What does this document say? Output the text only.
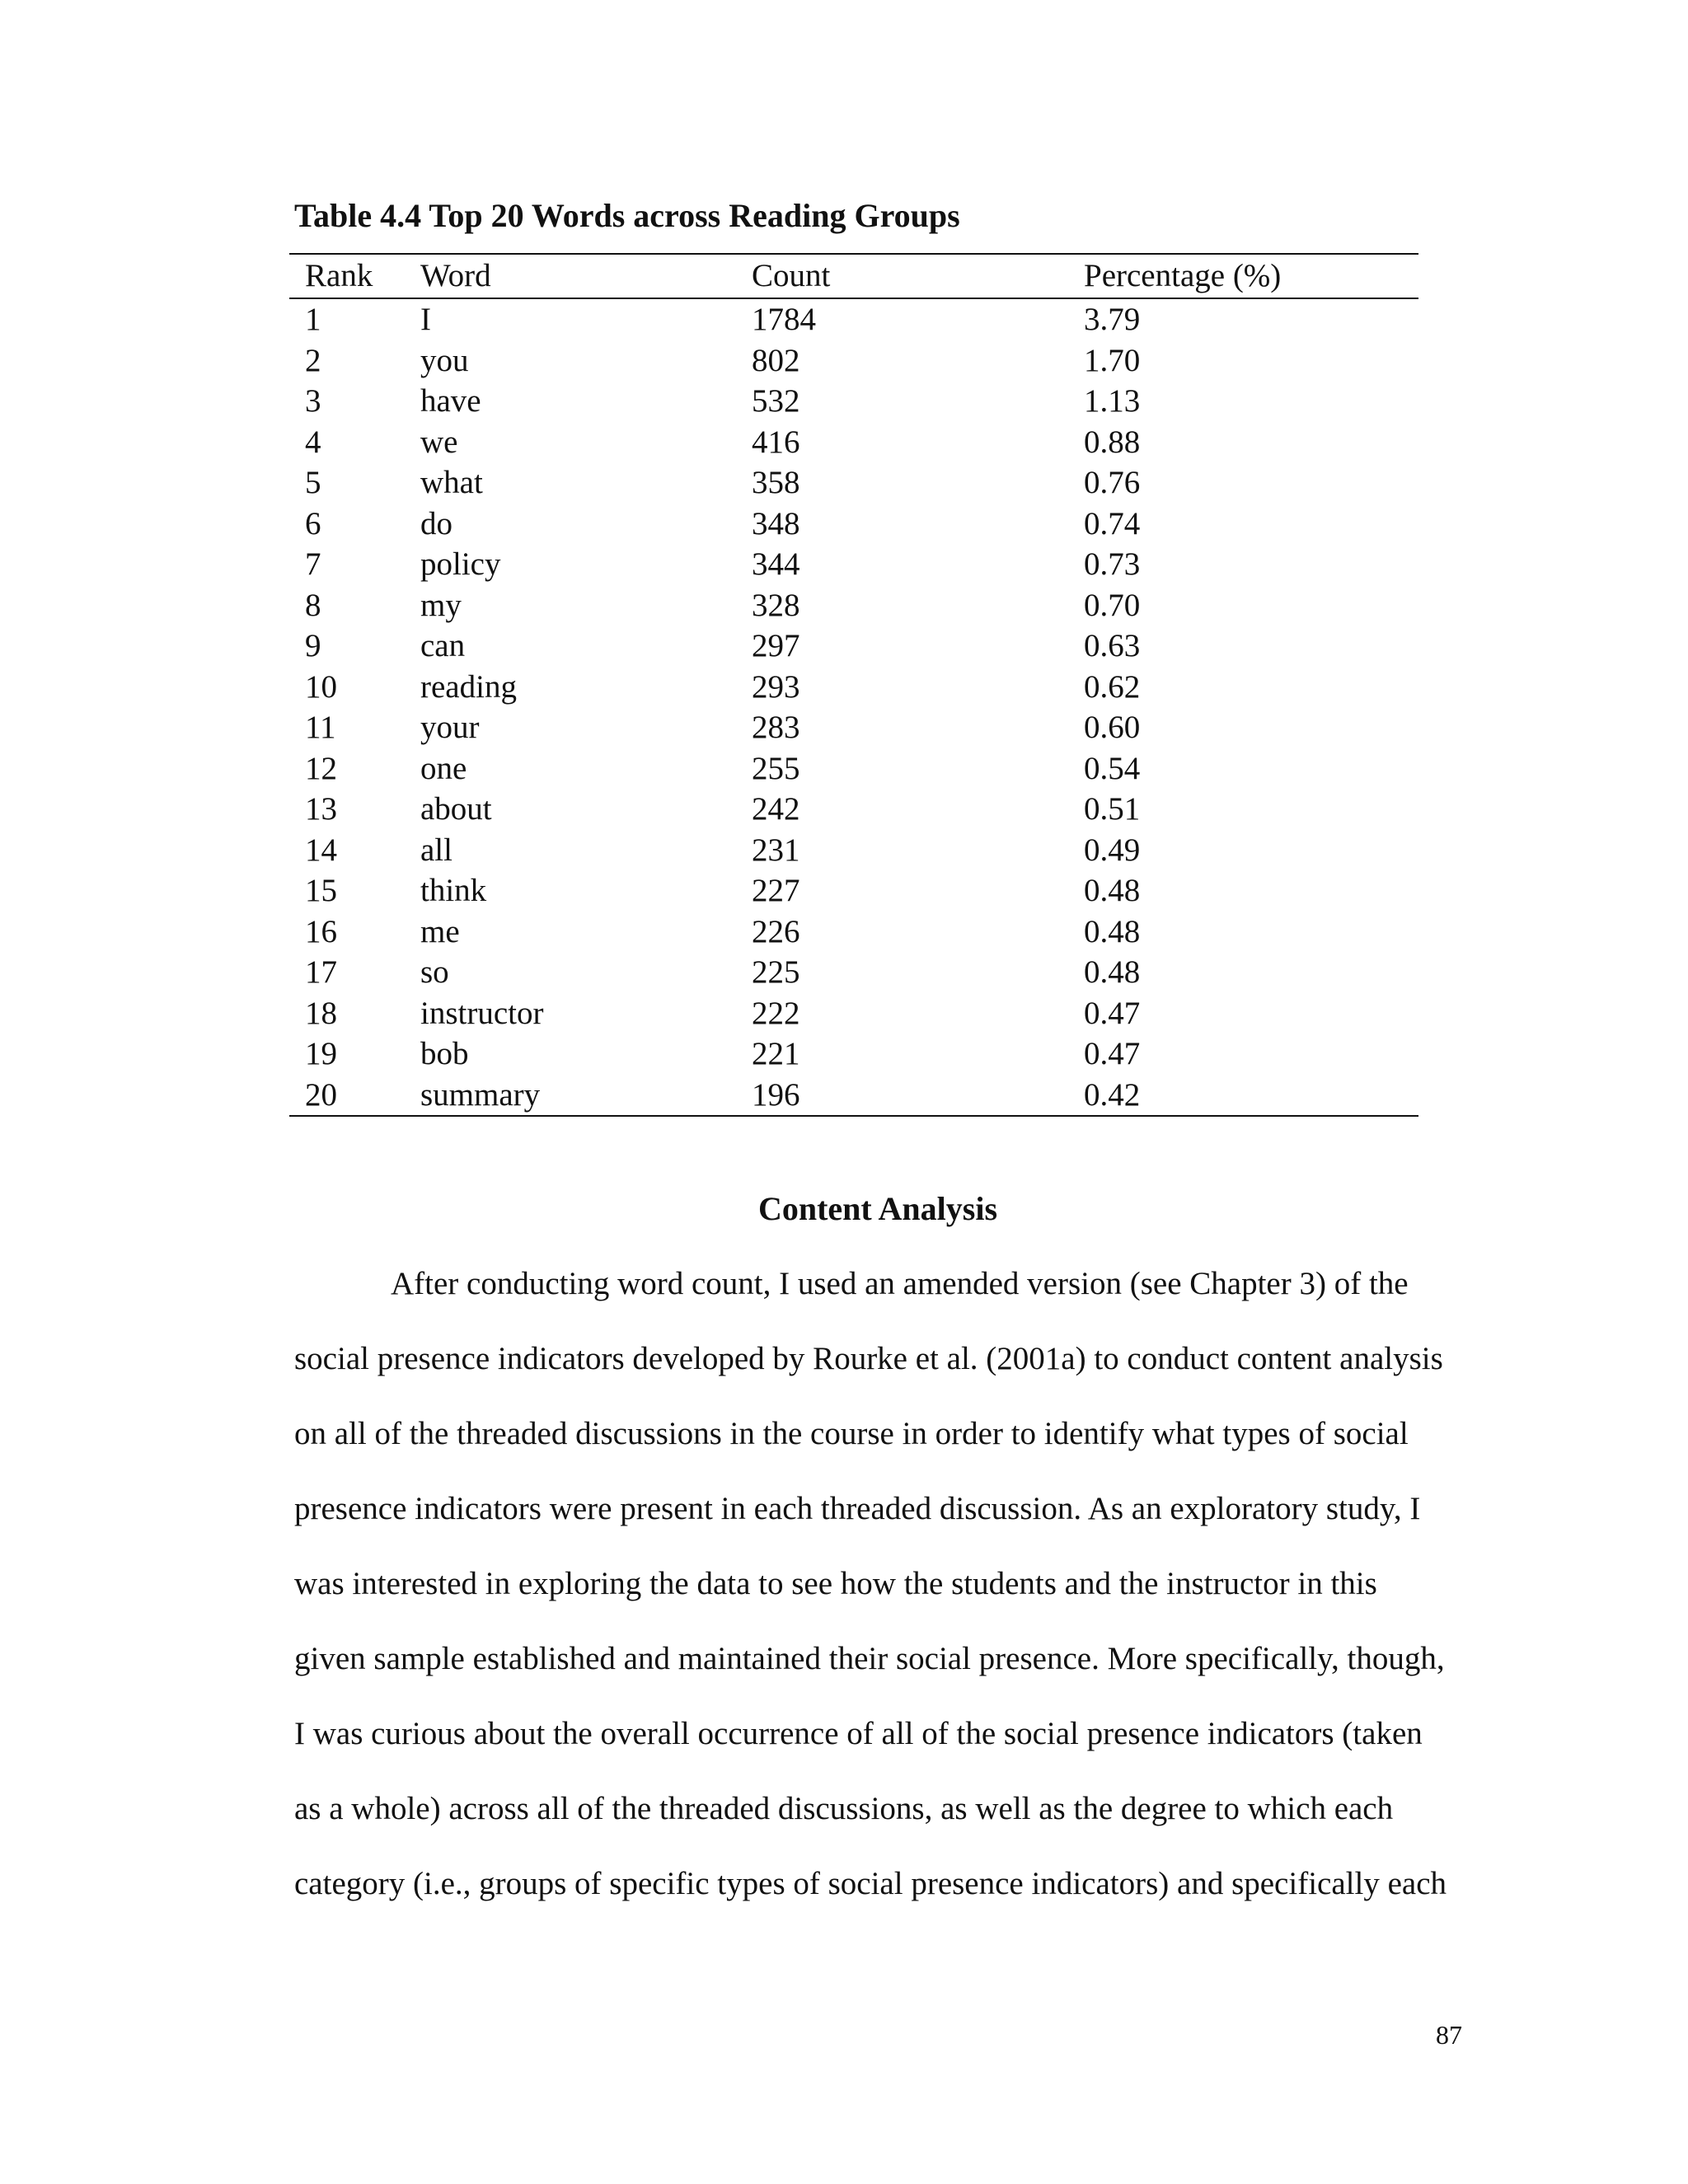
Table 4.4 Top 20 Words across Reading Groups
Rank	Word	Count	Percentage (%)
1	I	1784	3.79
2	you	802	1.70
3	have	532	1.13
4	we	416	0.88
5	what	358	0.76
6	do	348	0.74
7	policy	344	0.73
8	my	328	0.70
9	can	297	0.63
10	reading	293	0.62
11	your	283	0.60
12	one	255	0.54
13	about	242	0.51
14	all	231	0.49
15	think	227	0.48
16	me	226	0.48
17	so	225	0.48
18	instructor	222	0.47
19	bob	221	0.47
20	summary	196	0.42
Content Analysis
After conducting word count, I used an amended version (see Chapter 3) of the
social presence indicators developed by Rourke et al. (2001a) to conduct content analysis
on all of the threaded discussions in the course in order to identify what types of social
presence indicators were present in each threaded discussion. As an exploratory study, I
was interested in exploring the data to see how the students and the instructor in this
given sample established and maintained their social presence. More specifically, though,
I was curious about the overall occurrence of all of the social presence indicators (taken
as a whole) across all of the threaded discussions, as well as the degree to which each
category (i.e., groups of specific types of social presence indicators) and specifically each
87
